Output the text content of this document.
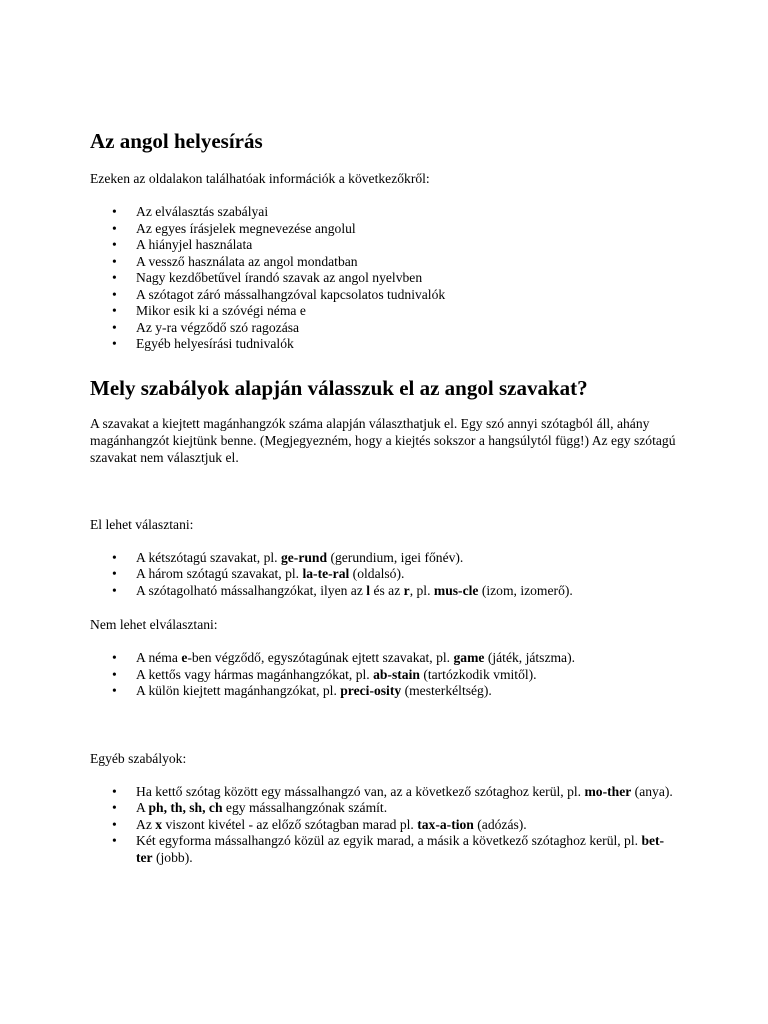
Az angol helyesírás

Ezeken az oldalakon találhatóak információk a következőkről:

• Az elválasztás szabályai
• Az egyes írásjelek megnevezése angolul
• A hiányjel használata
• A vessző használata az angol mondatban
• Nagy kezdőbetűvel írandó szavak az angol nyelvben
• A szótagot záró mássalhangzóval kapcsolatos tudnivalók
• Mikor esik ki a szóvégi néma e
• Az y-ra végződő szó ragozása
• Egyéb helyesírási tudnivalók
Mely szabályok alapján válasszuk el az angol szavakat?

A szavakat a kiejtett magánhangzók száma alapján választhatjuk el. Egy szó annyi szótagból áll, ahány magánhangzót kiejtünk benne. (Megjegyezném, hogy a kiejtés sokszor a hangsúlytól függ!) Az egy szótagú szavakat nem választjuk el.

El lehet választani:

• A kétszótagú szavakat, pl. ge-rund (gerundium, igei főnév).
• A három szótagú szavakat, pl. la-te-ral (oldalsó).
• A szótagolható mássalhangzókat, ilyen az l és az r, pl. mus-cle (izom, izomerő).

Nem lehet elválasztani:

• A néma e-ben végződő, egyszótagúnak ejtett szavakat, pl. game (játék, játszma).
• A kettős vagy hármas magánhangzókat, pl. ab-stain (tartózkodik vmitől).
• A külön kiejtett magánhangzókat, pl. preci-osity (mesterkéltség).

Egyéb szabályok:

• Ha kettő szótag között egy mássalhangzó van, az a következő szótaghoz kerül, pl. mo-ther (anya).
• A ph, th, sh, ch egy mássalhangzónak számít.
• Az x viszont kivétel - az előző szótagban marad pl. tax-a-tion (adózás).
• Két egyforma mássalhangzó közül az egyik marad, a másik a következő szótaghoz kerül, pl. bet-ter (jobb).
